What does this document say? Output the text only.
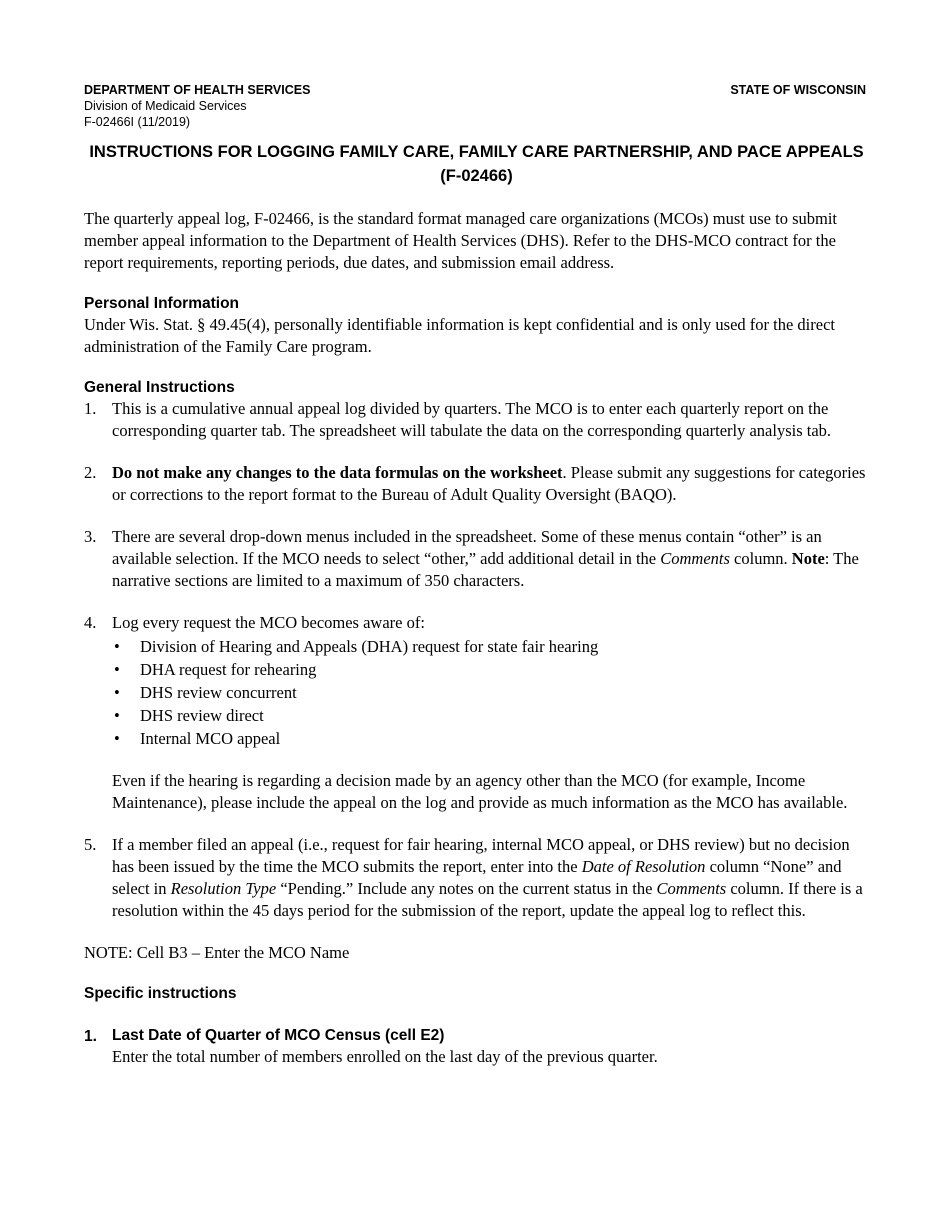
DEPARTMENT OF HEALTH SERVICES
Division of Medicaid Services
F-02466I (11/2019)
STATE OF WISCONSIN
INSTRUCTIONS FOR LOGGING FAMILY CARE, FAMILY CARE PARTNERSHIP, AND PACE APPEALS (F-02466)

The quarterly appeal log, F-02466, is the standard format managed care organizations (MCOs) must use to submit member appeal information to the Department of Health Services (DHS). Refer to the DHS-MCO contract for the report requirements, reporting periods, due dates, and submission email address.

Personal Information

Under Wis. Stat. § 49.45(4), personally identifiable information is kept confidential and is only used for the direct administration of the Family Care program.

General Instructions
1. This is a cumulative annual appeal log divided by quarters. The MCO is to enter each quarterly report on the corresponding quarter tab. The spreadsheet will tabulate the data on the corresponding quarterly analysis tab.

2. Do not make any changes to the data formulas on the worksheet. Please submit any suggestions for categories or corrections to the report format to the Bureau of Adult Quality Oversight (BAQO).

3. There are several drop-down menus included in the spreadsheet. Some of these menus contain “other” is an available selection. If the MCO needs to select “other,” add additional detail in the Comments column. Note: The narrative sections are limited to a maximum of 350 characters.

4. Log every request the MCO becomes aware of:

• Division of Hearing and Appeals (DHA) request for state fair hearing
• DHA request for rehearing
• DHS review concurrent
• DHS review direct
• Internal MCO appeal

Even if the hearing is regarding a decision made by an agency other than the MCO (for example, Income Maintenance), please include the appeal on the log and provide as much information as the MCO has available.

5. If a member filed an appeal (i.e., request for fair hearing, internal MCO appeal, or DHS review) but no decision has been issued by the time the MCO submits the report, enter into the Date of Resolution column “None” and select in Resolution Type “Pending.” Include any notes on the current status in the Comments column. If there is a resolution within the 45 days period for the submission of the report, update the appeal log to reflect this.

NOTE: Cell B3 – Enter the MCO Name

Specific instructions
1. Last Date of Quarter of MCO Census (cell E2)

Enter the total number of members enrolled on the last day of the previous quarter.
